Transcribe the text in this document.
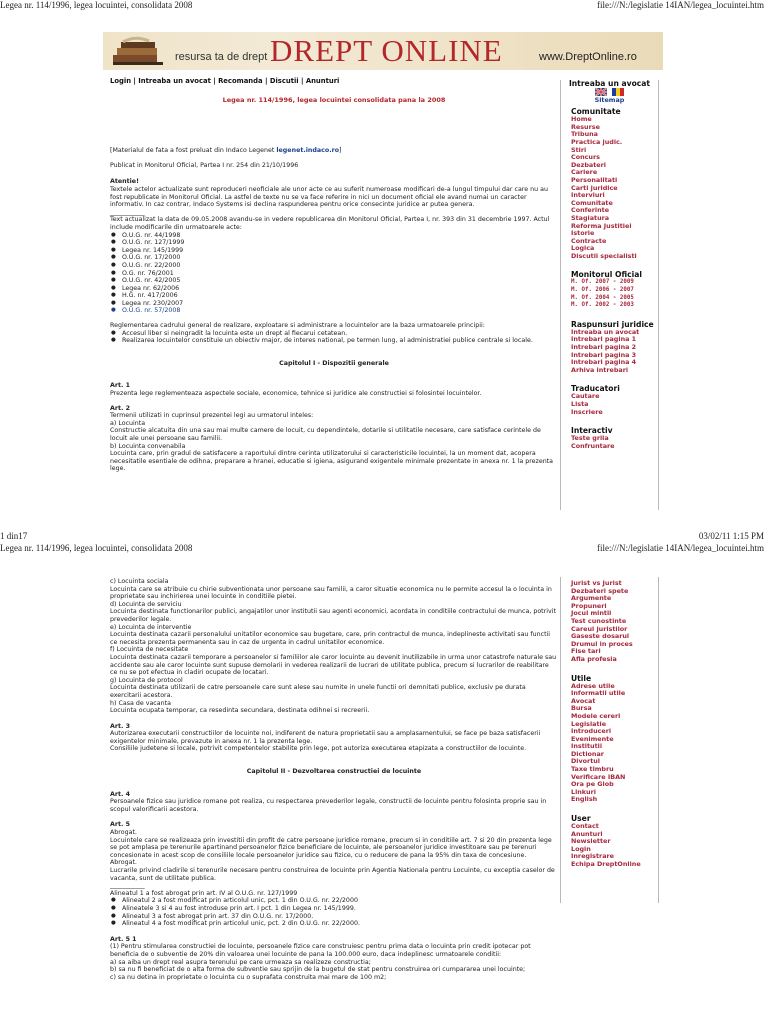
Legea nr. 114/1996, legea locuintei, consolidata 2008	file:///N:/legislatie 14IAN/legea_locuintei.htm
resursa ta de drept DREPT ONLINE	www.DreptOnline.ro
Login | Intreaba un avocat | Recomanda | Discutii | Anunturi

Legea nr. 114/1996, legea locuintei consolidata pana la 2008

[Materialul de fata a fost preluat din Indaco Legenet legenet.indaco.ro]

Publicat in Monitorul Oficial, Partea I nr. 254 din 21/10/1996

Atentie!

Textele actelor actualizate sunt reproduceri neoficiale ale unor acte ce au suferit numeroase modificari de-a lungul timpului dar care nu au fost republicate in Monitorul Oficial. La astfel de texte nu se va face referire in nici un document oficial ele avand numai un caracter informativ. In caz contrar, Indaco Systems isi declina raspunderea pentru orice consecinte juridice ar putea genera.

___________

Text actualizat la data de 09.05.2008 avandu-se in vedere republicarea din Monitorul Oficial, Partea I, nr. 393 din 31 decembrie 1997. Actul include modificarile din urmatoarele acte:

● O.U.G. nr. 44/1998
● O.U.G. nr. 127/1999
● Legea nr. 145/1999
● O.U.G. nr. 17/2000
● O.U.G. nr. 22/2000
● O.G. nr. 76/2001
● O.U.G. nr. 42/2005
● Legea nr. 62/2006
● H.G. nr. 417/2006
● Legea nr. 230/2007
● O.U.G. nr. 57/2008

Reglementarea cadrului general de realizare, exploatare si administrare a locuintelor are la baza urmatoarele principii:

● Accesul liber si neingradit la locuinta este un drept al fiecarui cetatean.
● Realizarea locuintelor constituie un obiectiv major, de interes national, pe termen lung, al administratiei publice centrale si locale.

Capitolul I - Dispozitii generale

Art. 1

Prezenta lege reglementeaza aspectele sociale, economice, tehnice si juridice ale constructiei si folosintei locuintelor.

Art. 2

Termenii utilizati in cuprinsul prezentei legi au urmatorul inteles:

a) Locuinta

Constructie alcatuita din una sau mai multe camere de locuit, cu dependintele, dotarile si utilitatile necesare, care satisface cerintele de locuit ale unei persoane sau familii.

b) Locuinta convenabila

Locuinta care, prin gradul de satisfacere a raportului dintre cerinta utilizatorului si caracteristicile locuintei, la un moment dat, acopera necesitatile esentiale de odihna, preparare a hranei, educatie si igiena, asigurand exigentele minimale prezentate in anexa nr. 1 la prezenta lege.

Intreaba un avocat

Sitemap
Comunitate
Home
Resurse
Tribuna
Practica judic.
Stiri
Concurs
Dezbateri
Cariere
Personalitati
Carti juridice
Interviuri
Comunitate
Conferinte
Stagiatura
Reforma Justitiei
Istorie
Contracte
Logica
Discutii specialisti
Monitorul Oficial
M. Of. 2007 - 2009
M. Of. 2006 - 2007
M. Of. 2004 - 2005
M. Of. 2002 - 2003
Raspunsuri juridice
Intreaba un avocat
Intrebari pagina 1
Intrebari pagina 2
Intrebari pagina 3
Intrebari pagina 4
Arhiva intrebari
Traducatori
Cautare
Lista
Inscriere
Interactiv
Teste grila
Confruntare
1 din17	03/02/11 1:15 PM
Legea nr. 114/1996, legea locuintei, consolidata 2008	file:///N:/legislatie 14IAN/legea_locuintei.htm

c) Locuinta sociala

Locuinta care se atribuie cu chirie subventionata unor persoane sau familii, a caror situatie economica nu le permite accesul la o locuinta in proprietate sau inchirierea unei locuinte in conditiile pietei.

d) Locuinta de serviciu

Locuinta destinata functionarilor publici, angajatilor unor institutii sau agenti economici, acordata in conditiile contractului de munca, potrivit prevederilor legale.

e) Locuinta de interventie

Locuinta destinata cazarii personalului unitatilor economice sau bugetare, care, prin contractul de munca, indeplineste activitati sau functii ce necesita prezenta permanenta sau in caz de urgenta in cadrul unitatilor economice.

f) Locuinta de necesitate

Locuinta destinata cazarii temporare a persoanelor si familiilor ale caror locuinte au devenit inutilizabile in urma unor catastrofe naturale sau accidente sau ale caror locuinte sunt supuse demolarii in vederea realizarii de lucrari de utilitate publica, precum si lucrarilor de reabilitare ce nu se pot efectua in cladiri ocupate de locatari.

g) Locuinta de protocol

Locuinta destinata utilizarii de catre persoanele care sunt alese sau numite in unele functii ori demnitati publice, exclusiv pe durata exercitarii acestora.

h) Casa de vacanta

Locuinta ocupata temporar, ca resedinta secundara, destinata odihnei si recreerii.

Art. 3

Autorizarea executarii constructiilor de locuinte noi, indiferent de natura proprietatii sau a amplasamentului, se face pe baza satisfacerii exigentelor minimale, prevazute in anexa nr. 1 la prezenta lege.

Consiliile judetene si locale, potrivit competentelor stabilite prin lege, pot autoriza executarea etapizata a constructiilor de locuinte.

Capitolul II - Dezvoltarea constructiei de locuinte

Art. 4

Persoanele fizice sau juridice romane pot realiza, cu respectarea prevederilor legale, constructii de locuinte pentru folosinta proprie sau in scopul valorificarii acestora.

Art. 5

Abrogat.

Locuintele care se realizeaza prin investitii din profit de catre persoane juridice romane, precum si in conditiile art. 7 si 20 din prezenta lege se pot amplasa pe terenurile apartinand persoanelor fizice beneficiare de locuinte, ale persoanelor juridice investitoare sau pe terenuri concesionate in acest scop de consiliile locale persoanelor juridice sau fizice, cu o reducere de pana la 95% din taxa de concesiune.

Abrogat.

Lucrarile privind cladirile si terenurile necesare pentru construirea de locuinte prin Agentia Nationala pentru Locuinte, cu exceptia caselor de vacanta, sunt de utilitate publica.

___________

Alineatul 1 a fost abrogat prin art. IV al O.U.G. nr. 127/1999

● Alineatul 2 a fost modificat prin articolul unic, pct. 1 din O.U.G. nr. 22/2000
● Alineatele 3 si 4 au fost introduse prin art. I pct. 1 din Legea nr. 145/1999.
● Alineatul 3 a fost abrogat prin art. 37 din O.U.G. nr. 17/2000.
● Alineatul 4 a fost modificat prin articolul unic, pct. 2 din O.U.G. nr. 22/2000.

Art. 5 1

(1) Pentru stimularea constructiei de locuinte, persoanele fizice care construiesc pentru prima data o locuinta prin credit ipotecar pot beneficia de o subventie de 20% din valoarea unei locuinte de pana la 100.000 euro, daca indeplinesc urmatoarele conditii:

a) sa aiba un drept real asupra terenului pe care urmeaza sa realizeze constructia;

b) sa nu fi beneficiat de o alta forma de subventie sau sprijin de la bugetul de stat pentru construirea ori cumpararea unei locuinte;

c) sa nu detina in proprietate o locuinta cu o suprafata construita mai mare de 100 m2;

Jurist vs Jurist
Dezbateri spete
Argumente
Propuneri
Jocul mintii
Test cunostinte
Careul juristilor
Gaseste dosarul
Drumul in proces
Fise tari
Afla profesia
Utile
Adrese utile
Informatii utile
Avocat
Bursa
Modele cereri
Legislatie
Introduceri
Evenimente
Institutii
Dictionar
Divortul
Taxe timbru
Verificare IBAN
Ora pe Glob
Linkuri
English
User
Contact
Anunturi
Newsletter
Login
Inregistrare
Echipa DreptOnline
